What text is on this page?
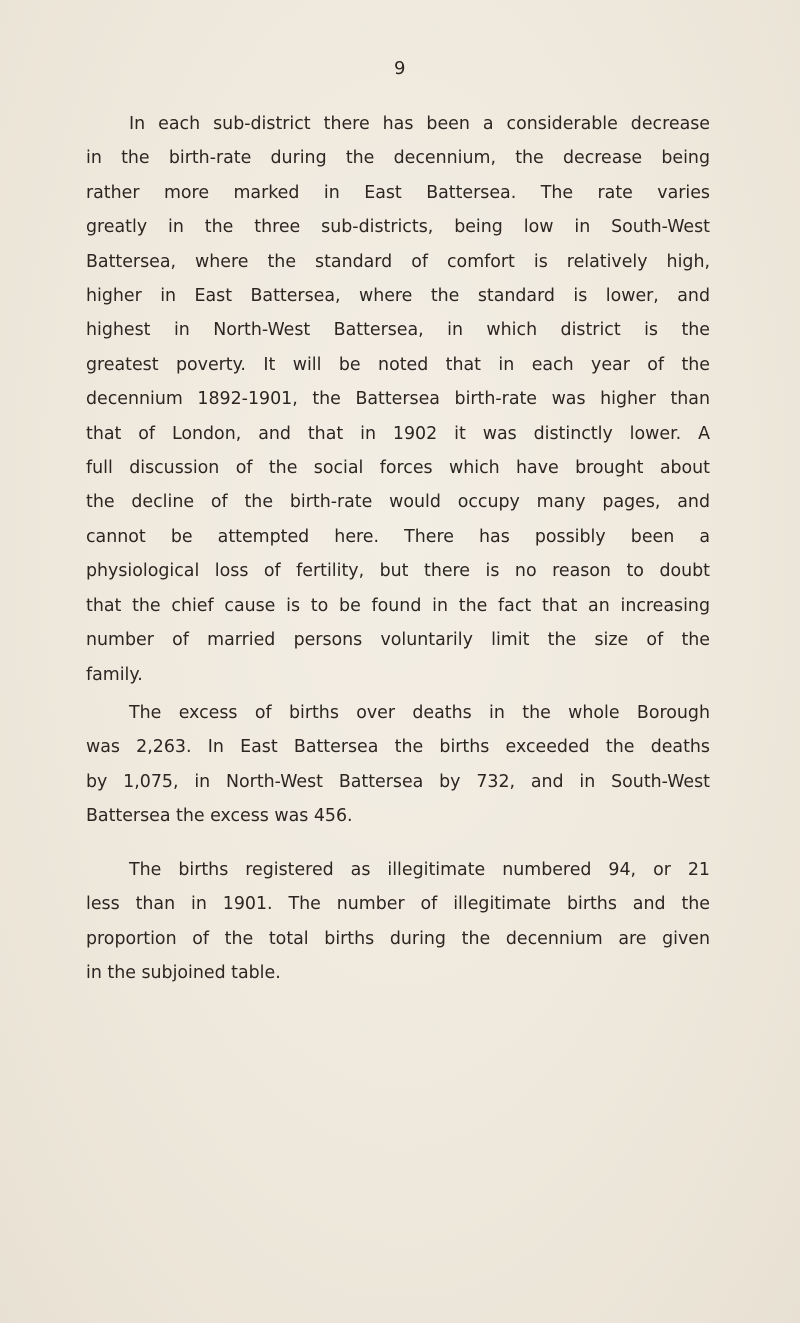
9
In each sub-district there has been a considerable decrease
in the birth-rate during the decennium, the decrease being
rather more marked in East Battersea. The rate varies
greatly in the three sub-districts, being low in South-West
Battersea, where the standard of comfort is relatively high,
higher in East Battersea, where the standard is lower, and
highest in North-West Battersea, in which district is the
greatest poverty. It will be noted that in each year of the
decennium 1892-1901, the Battersea birth-rate was higher than
that of London, and that in 1902 it was distinctly lower. A
full discussion of the social forces which have brought about
the decline of the birth-rate would occupy many pages, and
cannot be attempted here. There has possibly been a
physiological loss of fertility, but there is no reason to doubt
that the chief cause is to be found in the fact that an increasing
number of married persons voluntarily limit the size of the
family.
The excess of births over deaths in the whole Borough
was 2,263. In East Battersea the births exceeded the deaths
by 1,075, in North-West Battersea by 732, and in South-West
Battersea the excess was 456.
The births registered as illegitimate numbered 94, or 21
less than in 1901. The number of illegitimate births and the
proportion of the total births during the decennium are given
in the subjoined table.
